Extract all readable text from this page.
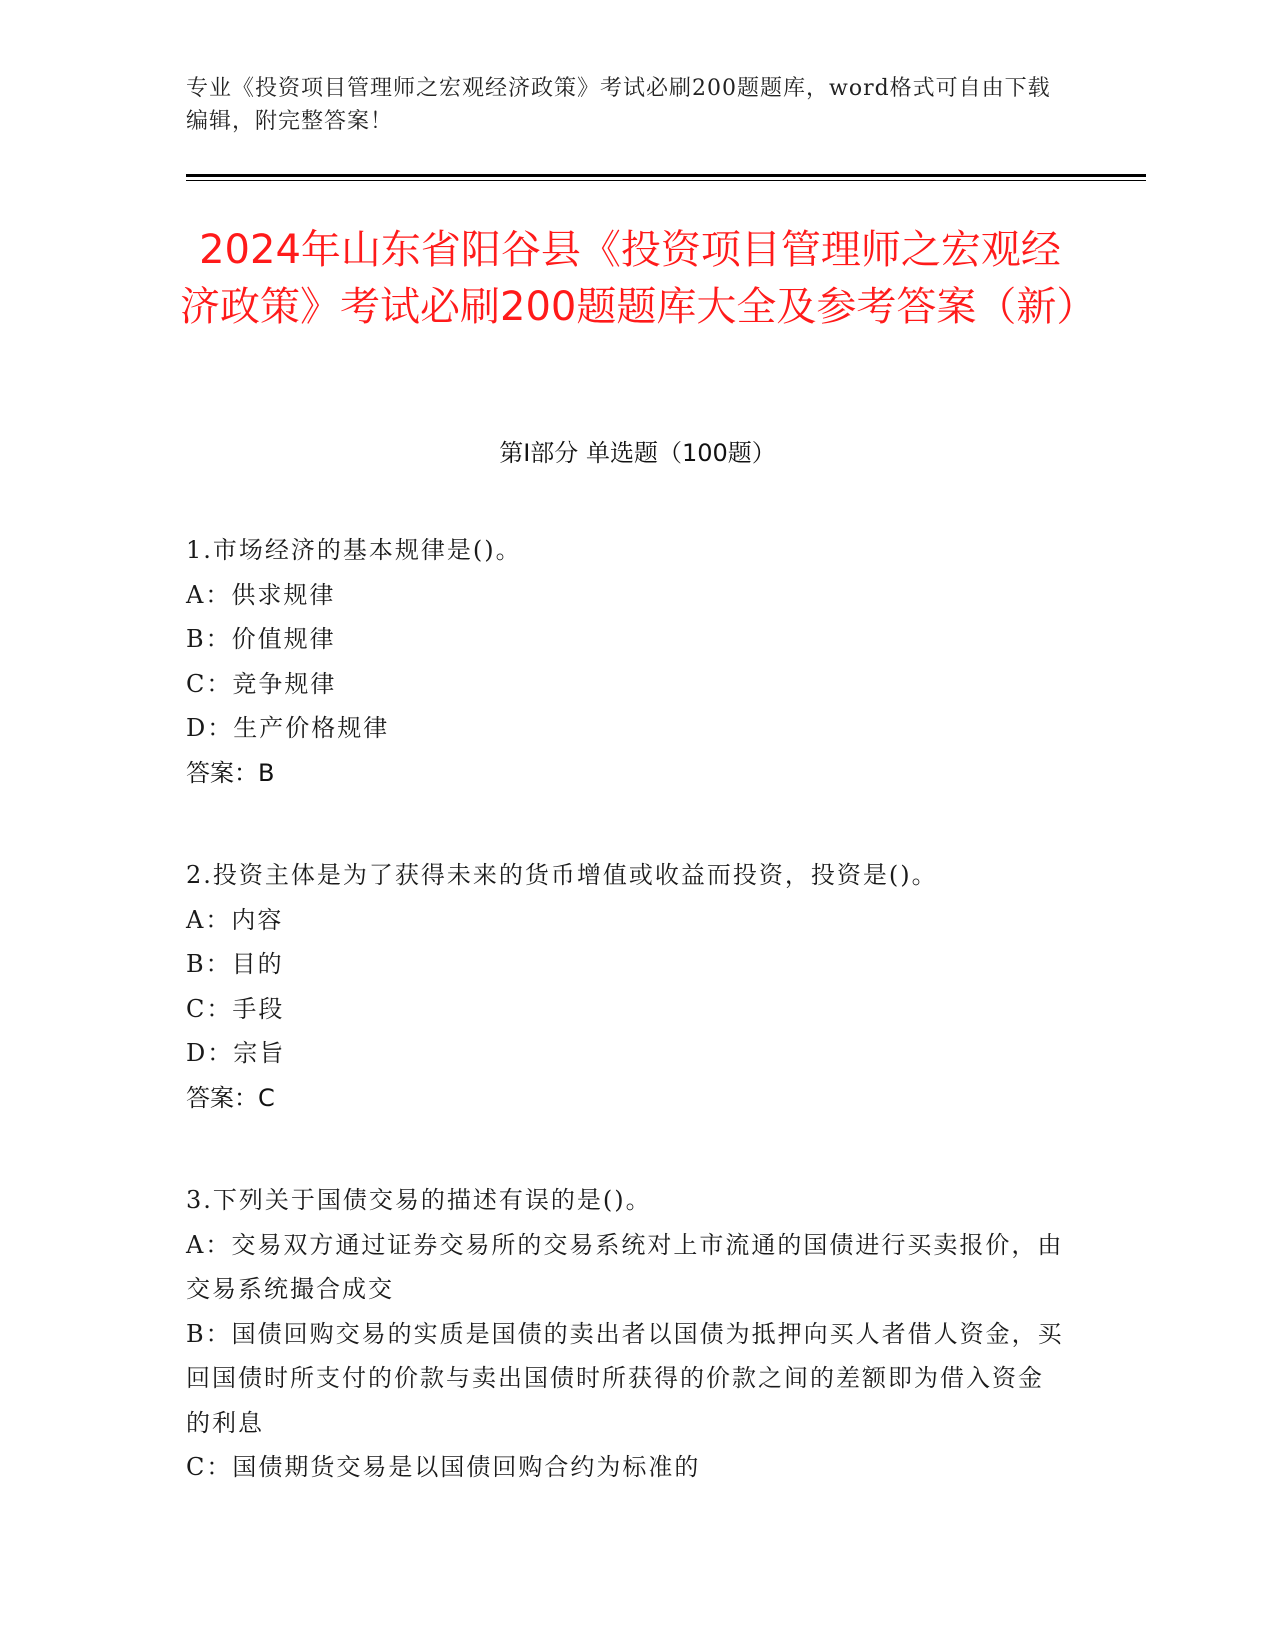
专业《投资项目管理师之宏观经济政策》考试必刷200题题库，word格式可自由下载编辑，附完整答案！
2024年山东省阳谷县《投资项目管理师之宏观经济政策》考试必刷200题题库大全及参考答案（新）
第I部分 单选题（100题）
1.市场经济的基本规律是()。
A：供求规律
B：价值规律
C：竞争规律
D：生产价格规律
答案：B
2.投资主体是为了获得未来的货币增值或收益而投资，投资是()。
A：内容
B：目的
C：手段
D：宗旨
答案：C
3.下列关于国债交易的描述有误的是()。
A：交易双方通过证券交易所的交易系统对上市流通的国债进行买卖报价，由交易系统撮合成交
B：国债回购交易的实质是国债的卖出者以国债为抵押向买人者借人资金，买回国债时所支付的价款与卖出国债时所获得的价款之间的差额即为借入资金的利息
C：国债期货交易是以国债回购合约为标准的
